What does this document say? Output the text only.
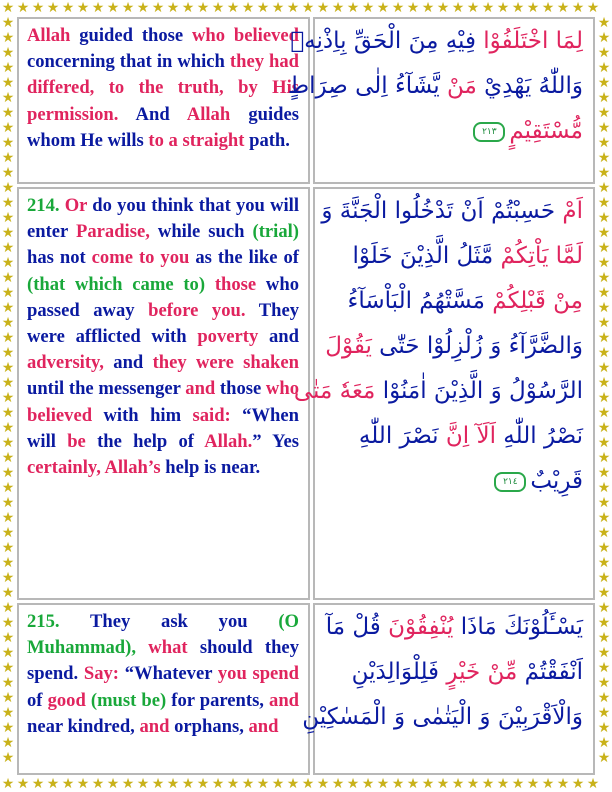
★
★
★
★
★
★
★
★
★
★
★
★
★
★
★
★
★
★
★
★
★
★
★
★
★
★
★
★
★
★
★
★
★
★
★
★
★
★
★
★
★
★
★
★
★
★
★
★
★
★
★
★
★
★
★
★
★
★
★
★
★
★
★
★
★
★
★
★
★
★
★
★
★
★
★
★
★
★
★
★
★	★
★	★
★	★
★	★
★	★
★	★
★	★
★	★
★	★
★	★
★	★
★	★
★	★
★	★
★	★
★	★
★	★
★	★
★	★
★	★
★	★
★	★
★	★
★	★
★	★
★	★
★	★
★	★
★	★
★	★
★	★
★	★
★	★
★	★
★	★
★	★
★	★
★	★
★	★
★	★
★	★
★	★
★	★
★	★
★	★
★	★
★	★
★	★
★	★
★	★
Allah guided those who believed concerning that in which they had differed, to the truth, by His permission. And Allah guides whom He wills to a straight path.
لِمَا اخْتَلَفُوْا فِيْهِ مِنَ الْحَقِّ بِاِذْنِهٖ
وَاللّٰهُ يَهْدِيْ مَنْ يَّشَآءُ اِلٰى صِرَاطٍ
مُّسْتَقِيْمٍ٢١٣
214. Or do you think that you will enter Paradise, while such (trial) has not come to you as the like of (that which came to) those who passed away before you. They were afflicted with poverty and adversity, and they were shaken until the messenger and those who believed with him said: “When will be the help of Allah.” Yes certainly, Allah’s help is near.
اَمْ حَسِبْتُمْ اَنْ تَدْخُلُوا الْجَنَّةَ وَ
لَمَّا يَاْتِكُمْ مَّثَلُ الَّذِيْنَ خَلَوْا
مِنْ قَبْلِكُمْ مَسَّتْهُمُ الْبَاْسَآءُ
وَالضَّرَّآءُ وَ زُلْزِلُوْا حَتّٰى يَقُوْلَ
الرَّسُوْلُ وَ الَّذِيْنَ اٰمَنُوْا مَعَهٗ مَتٰى
نَصْرُ اللّٰهِ اَلَآ اِنَّ نَصْرَ اللّٰهِ
قَرِيْبٌ٢١٤
215. They ask you (O Muhammad), what should they spend. Say: “Whatever you spend of good (must be) for parents, and near kindred, and orphans, and
يَسْـَٔلُوْنَكَ مَاذَا يُنْفِقُوْنَ قُلْ مَآ
اَنْفَقْتُمْ مِّنْ خَيْرٍ فَلِلْوَالِدَيْنِ
وَالْاَقْرَبِيْنَ وَ الْيَتٰمٰى وَ الْمَسٰكِيْنِ
